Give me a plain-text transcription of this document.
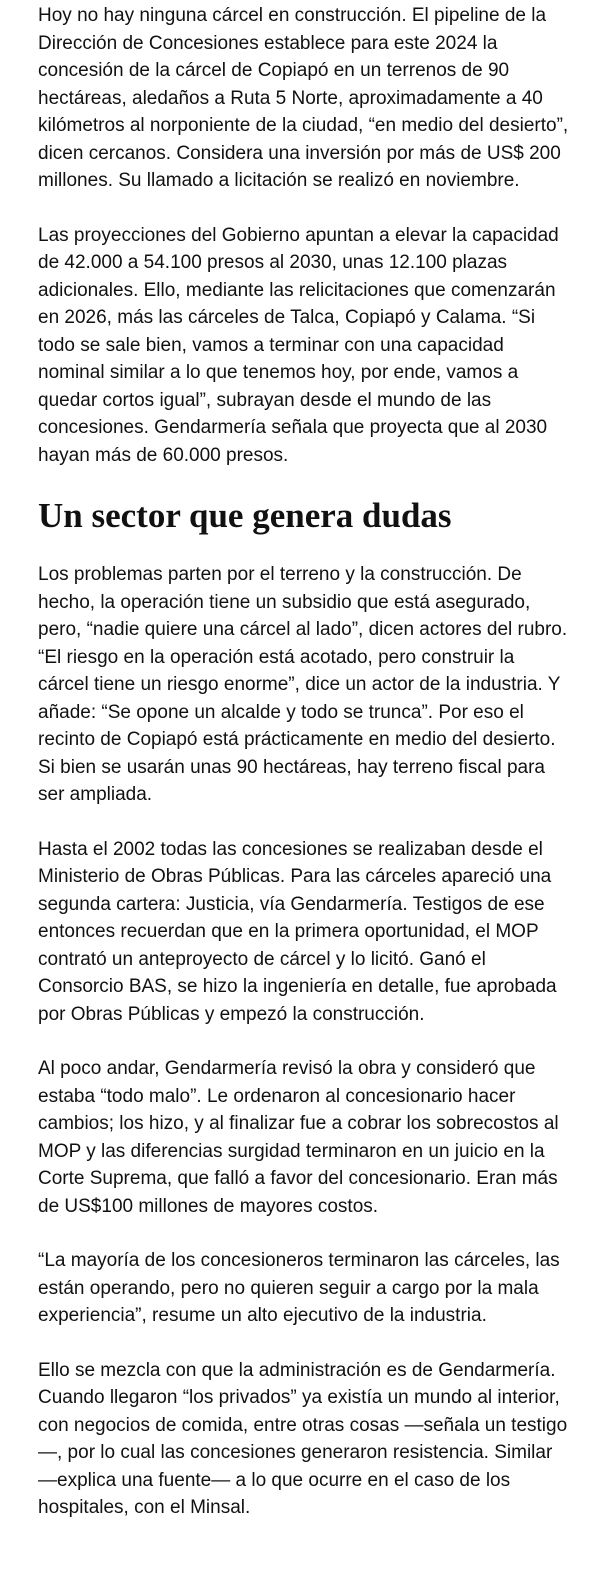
Hoy no hay ninguna cárcel en construcción. El pipeline de la Dirección de Concesiones establece para este 2024 la concesión de la cárcel de Copiapó en un terrenos de 90 hectáreas, aledaños a Ruta 5 Norte, aproximadamente a 40 kilómetros al norponiente de la ciudad, “en medio del desierto”, dicen cercanos. Considera una inversión por más de US$ 200 millones. Su llamado a licitación se realizó en noviembre.

Las proyecciones del Gobierno apuntan a elevar la capacidad de 42.000 a 54.100 presos al 2030, unas 12.100 plazas adicionales. Ello, mediante las relicitaciones que comenzarán en 2026, más las cárceles de Talca, Copiapó y Calama. “Si todo se sale bien, vamos a terminar con una capacidad nominal similar a lo que tenemos hoy, por ende, vamos a quedar cortos igual”, subrayan desde el mundo de las concesiones. Gendarmería señala que proyecta que al 2030 hayan más de 60.000 presos.

Un sector que genera dudas

Los problemas parten por el terreno y la construcción. De hecho, la operación tiene un subsidio que está asegurado, pero, “nadie quiere una cárcel al lado”, dicen actores del rubro. “El riesgo en la operación está acotado, pero construir la cárcel tiene un riesgo enorme”, dice un actor de la industria. Y añade: “Se opone un alcalde y todo se trunca”. Por eso el recinto de Copiapó está prácticamente en medio del desierto. Si bien se usarán unas 90 hectáreas, hay terreno fiscal para ser ampliada.

Hasta el 2002 todas las concesiones se realizaban desde el Ministerio de Obras Públicas. Para las cárceles apareció una segunda cartera: Justicia, vía Gendarmería. Testigos de ese entonces recuerdan que en la primera oportunidad, el MOP contrató un anteproyecto de cárcel y lo licitó. Ganó el Consorcio BAS, se hizo la ingeniería en detalle, fue aprobada por Obras Públicas y empezó la construcción.

Al poco andar, Gendarmería revisó la obra y consideró que estaba “todo malo”. Le ordenaron al concesionario hacer cambios; los hizo, y al finalizar fue a cobrar los sobrecostos al MOP y las diferencias surgidad terminaron en un juicio en la Corte Suprema, que falló a favor del concesionario. Eran más de US$100 millones de mayores costos.

“La mayoría de los concesioneros terminaron las cárceles, las están operando, pero no quieren seguir a cargo por la mala experiencia”, resume un alto ejecutivo de la industria.

Ello se mezcla con que la administración es de Gendarmería. Cuando llegaron “los privados” ya existía un mundo al interior, con negocios de comida, entre otras cosas —señala un testigo—, por lo cual las concesiones generaron resistencia. Similar —explica una fuente— a lo que ocurre en el caso de los hospitales, con el Minsal.
